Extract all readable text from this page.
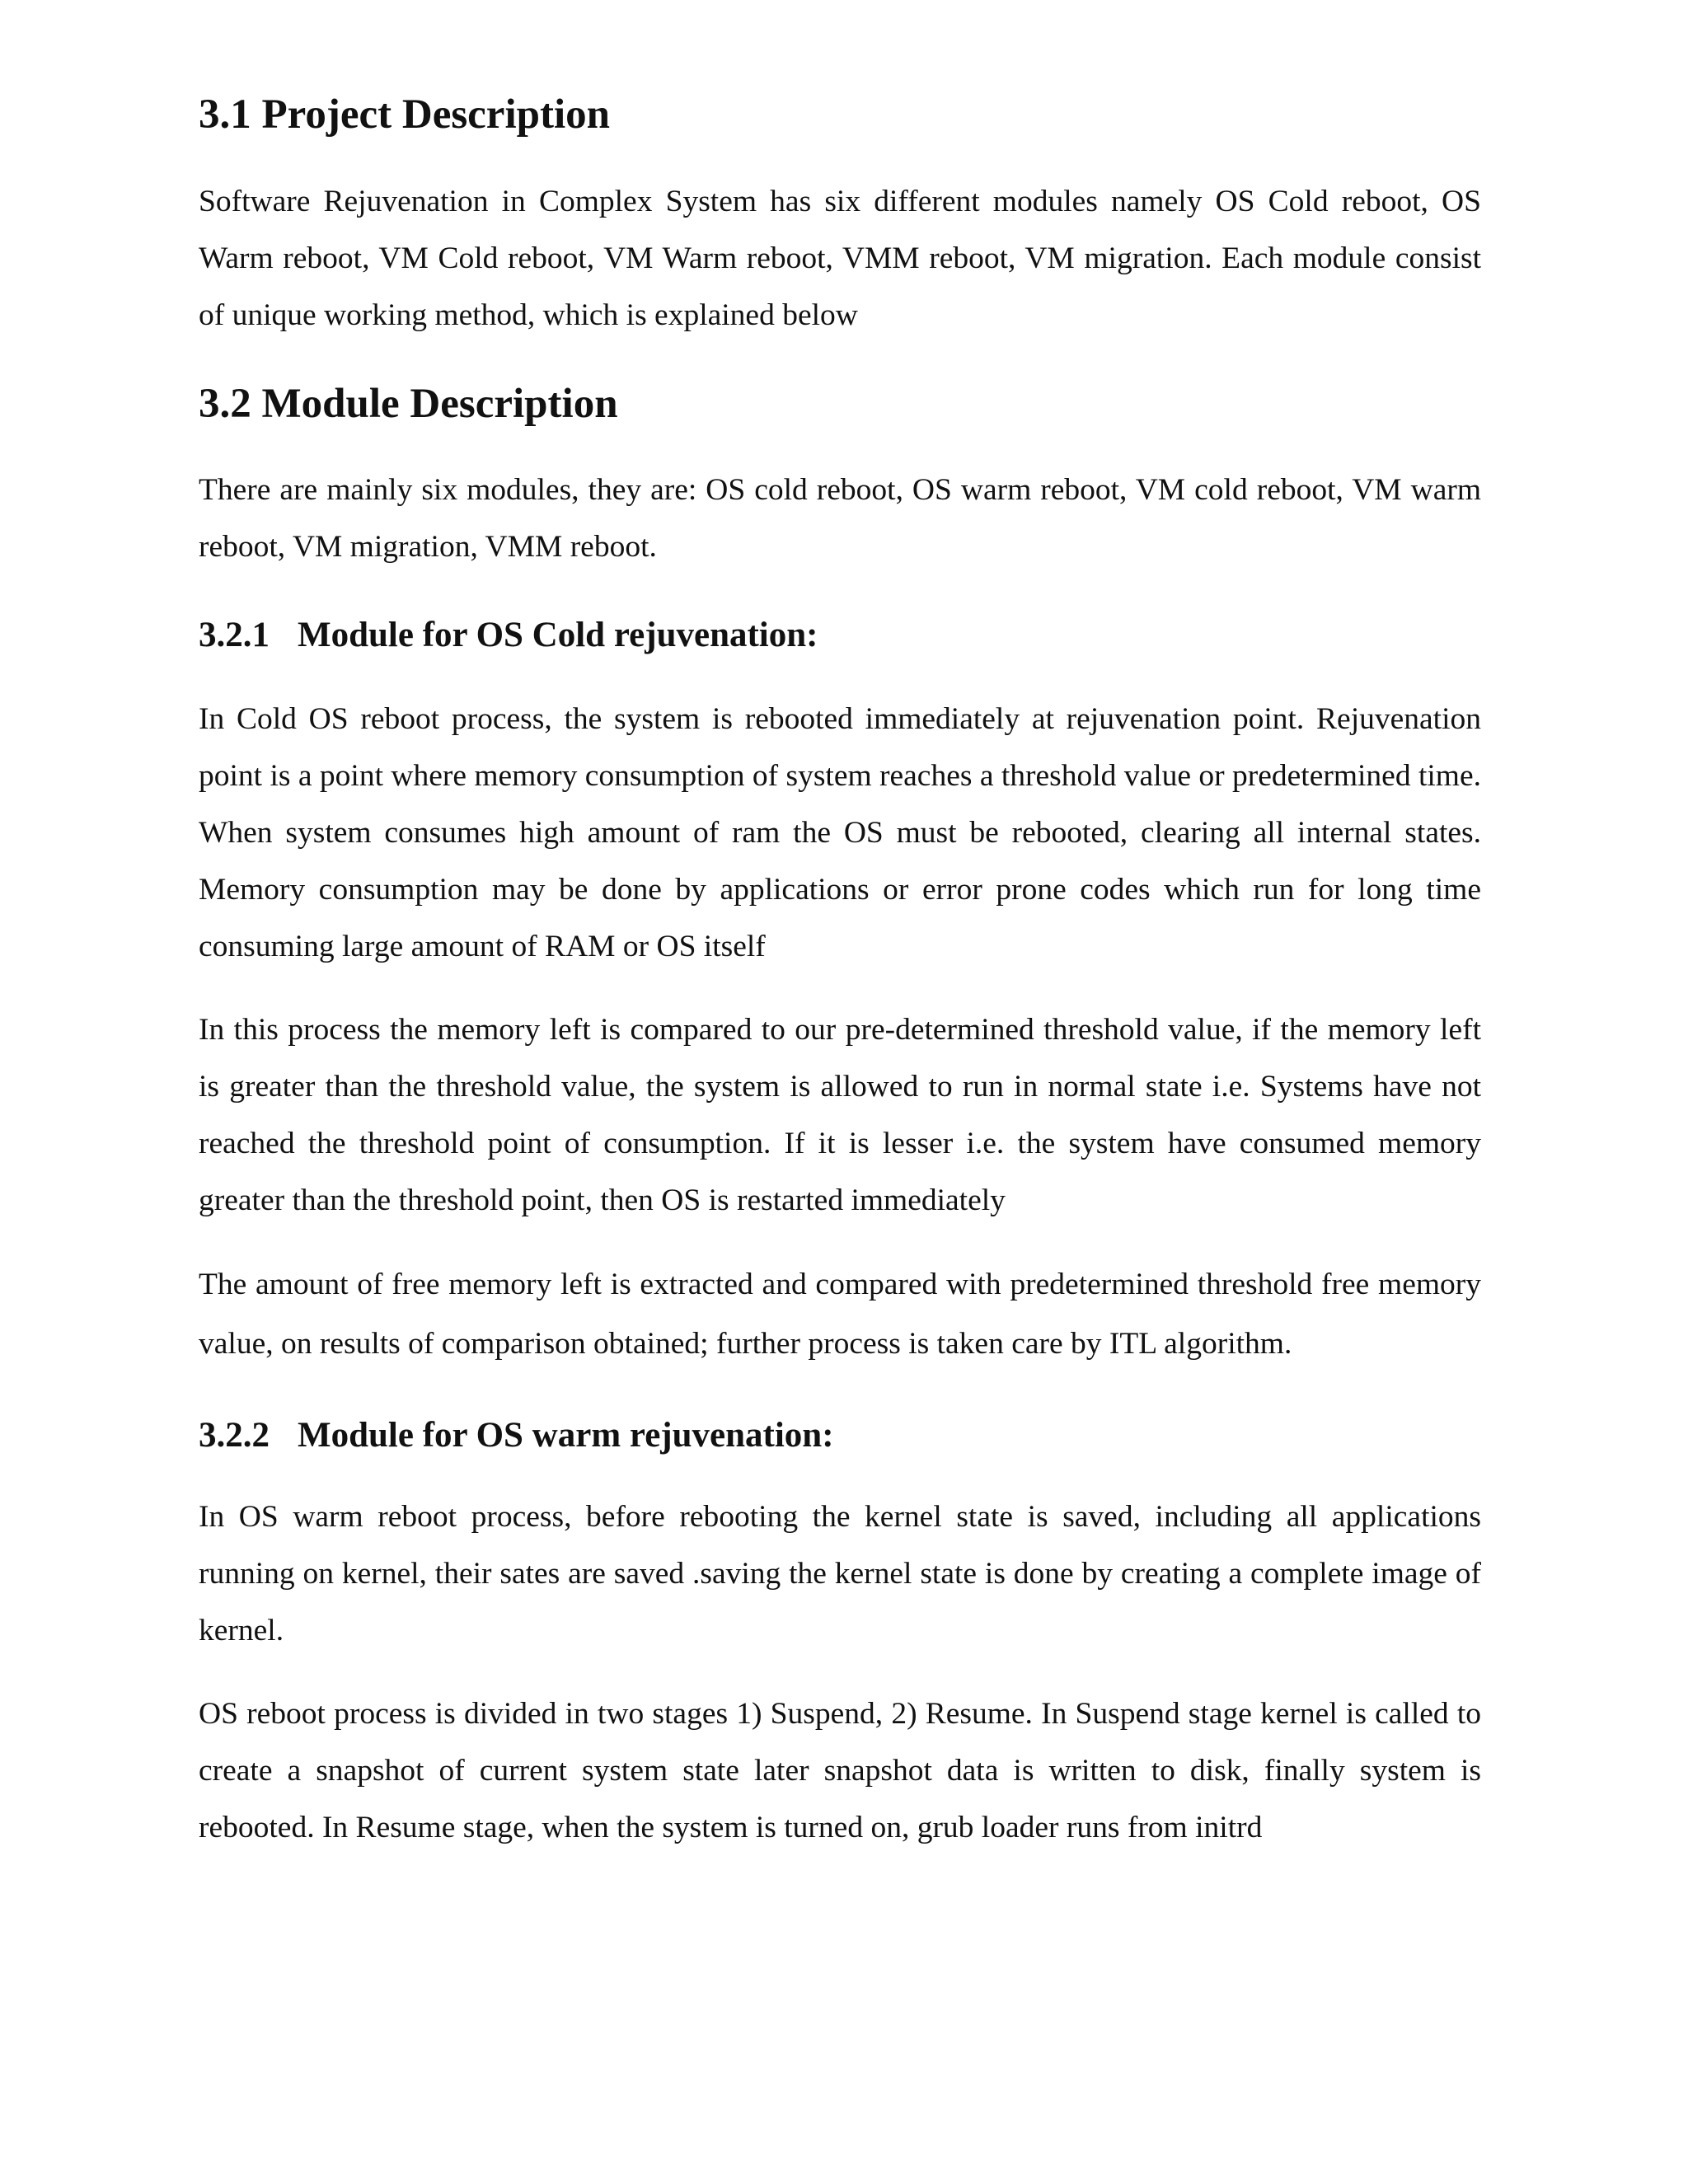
3.1 Project Description

Software Rejuvenation in Complex System has six different modules namely OS Cold reboot, OS Warm reboot, VM Cold reboot, VM Warm reboot, VMM reboot, VM migration. Each module consist of unique working method, which is explained below

3.2 Module Description

There are mainly six modules, they are: OS cold reboot, OS warm reboot, VM cold reboot, VM warm reboot, VM migration, VMM reboot.

3.2.1 Module for OS Cold rejuvenation:

In Cold OS reboot process, the system is rebooted immediately at rejuvenation point. Rejuvenation point is a point where memory consumption of system reaches a threshold value or predetermined time. When system consumes high amount of ram the OS must be rebooted, clearing all internal states. Memory consumption may be done by applications or error prone codes which run for long time consuming large amount of RAM or OS itself

In this process the memory left is compared to our pre-determined threshold value, if the memory left is greater than the threshold value, the system is allowed to run in normal state i.e. Systems have not reached the threshold point of consumption. If it is lesser i.e. the system have consumed memory greater than the threshold point, then OS is restarted immediately

The amount of free memory left is extracted and compared with predetermined threshold free memory value, on results of comparison obtained; further process is taken care by ITL algorithm.

3.2.2 Module for OS warm rejuvenation:

In OS warm reboot process, before rebooting the kernel state is saved, including all applications running on kernel, their sates are saved .saving the kernel state is done by creating a complete image of kernel.

OS reboot process is divided in two stages 1) Suspend, 2) Resume. In Suspend stage kernel is called to create a snapshot of current system state later snapshot data is written to disk, finally system is rebooted. In Resume stage, when the system is turned on, grub loader runs from initrd
